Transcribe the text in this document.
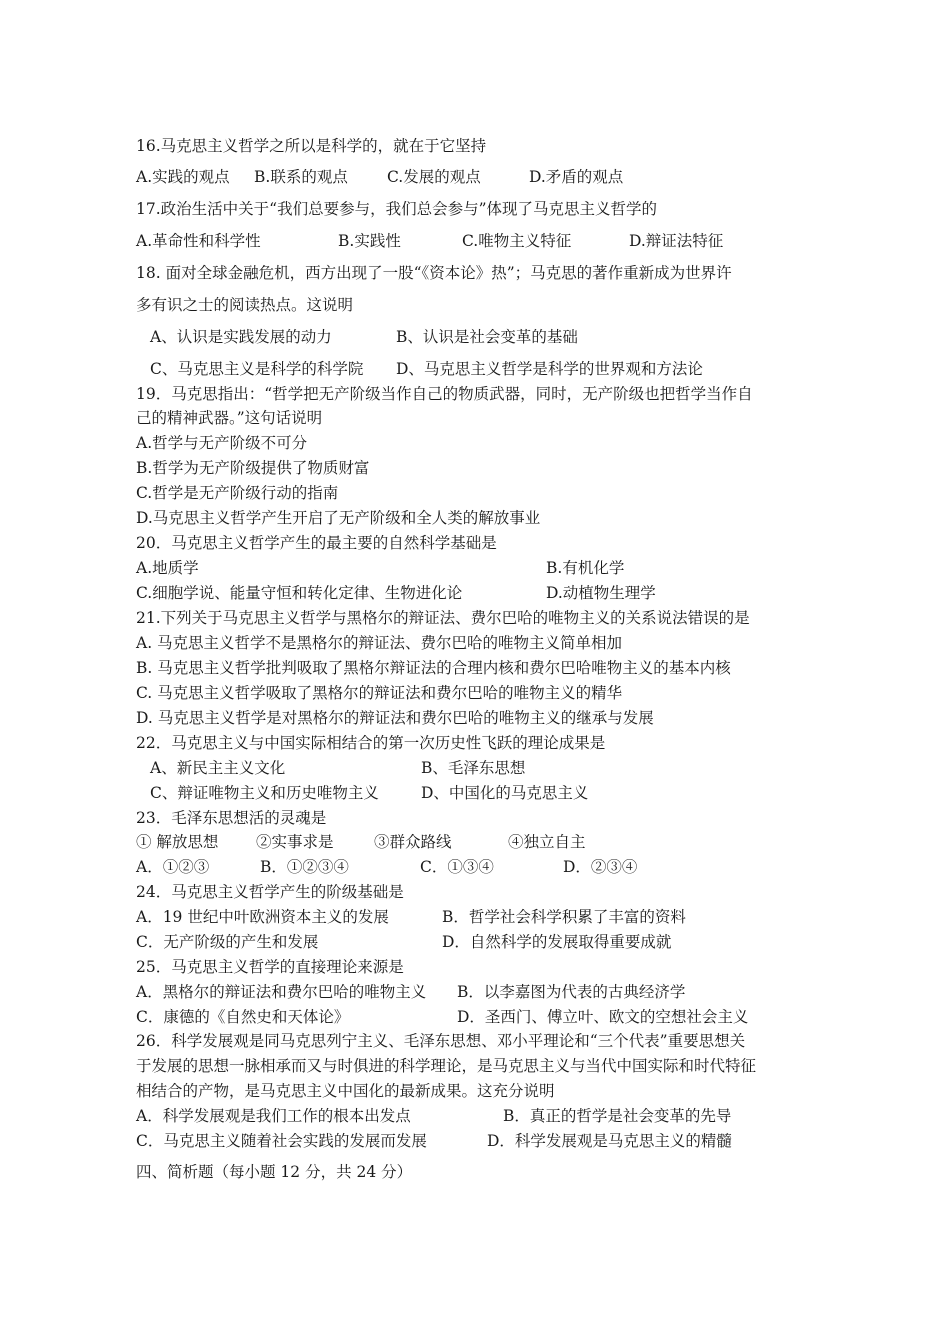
16.马克思主义哲学之所以是科学的，就在于它坚持
A.实践的观点 B.联系的观点	C.发展的观点	D.矛盾的观点
17.政治生活中关于“我们总要参与，我们总会参与”体现了马克思主义哲学的
A.革命性和科学性	B.实践性	C.唯物主义特征	D.辩证法特征
18. 面对全球金融危机，西方出现了一股“《资本论》热”；马克思的著作重新成为世界许
多有识之士的阅读热点。这说明
A、认识是实践发展的动力	B、认识是社会变革的基础
C、马克思主义是科学的科学院 D、马克思主义哲学是科学的世界观和方法论
19．马克思指出：“哲学把无产阶级当作自己的物质武器，同时，无产阶级也把哲学当作自
己的精神武器。”这句话说明
A.哲学与无产阶级不可分
B.哲学为无产阶级提供了物质财富
C.哲学是无产阶级行动的指南
D.马克思主义哲学产生开启了无产阶级和全人类的解放事业
20．马克思主义哲学产生的最主要的自然科学基础是
A.地质学	B.有机化学
C.细胞学说、能量守恒和转化定律、生物进化论	D.动植物生理学
21.下列关于马克思主义哲学与黑格尔的辩证法、费尔巴哈的唯物主义的关系说法错误的是
A. 马克思主义哲学不是黑格尔的辩证法、费尔巴哈的唯物主义简单相加
B. 马克思主义哲学批判吸取了黑格尔辩证法的合理内核和费尔巴哈唯物主义的基本内核
C. 马克思主义哲学吸取了黑格尔的辩证法和费尔巴哈的唯物主义的精华
D. 马克思主义哲学是对黑格尔的辩证法和费尔巴哈的唯物主义的继承与发展
22．马克思主义与中国实际相结合的第一次历史性飞跃的理论成果是
A、新民主主义文化	B、毛泽东思想
C、辩证唯物主义和历史唯物主义	D、中国化的马克思主义
23．毛泽东思想活的灵魂是
① 解放思想 ②实事求是	③群众路线	④独立自主
A．①②③	B．①②③④	C．①③④	D．②③④
24．马克思主义哲学产生的阶级基础是
A．19 世纪中叶欧洲资本主义的发展	B．哲学社会科学积累了丰富的资料
C．无产阶级的产生和发展	D．自然科学的发展取得重要成就
25．马克思主义哲学的直接理论来源是
A．黑格尔的辩证法和费尔巴哈的唯物主义 B．以李嘉图为代表的古典经济学
C．康德的《自然史和天体论》	D．圣西门、傅立叶、欧文的空想社会主义
26．科学发展观是同马克思列宁主义、毛泽东思想、邓小平理论和“三个代表”重要思想关
于发展的思想一脉相承而又与时俱进的科学理论，是马克思主义与当代中国实际和时代特征
相结合的产物，是马克思主义中国化的最新成果。这充分说明
A．科学发展观是我们工作的根本出发点	B．真正的哲学是社会变革的先导
C．马克思主义随着社会实践的发展而发展	D．科学发展观是马克思主义的精髓
四、简析题（每小题 12 分，共 24 分）
